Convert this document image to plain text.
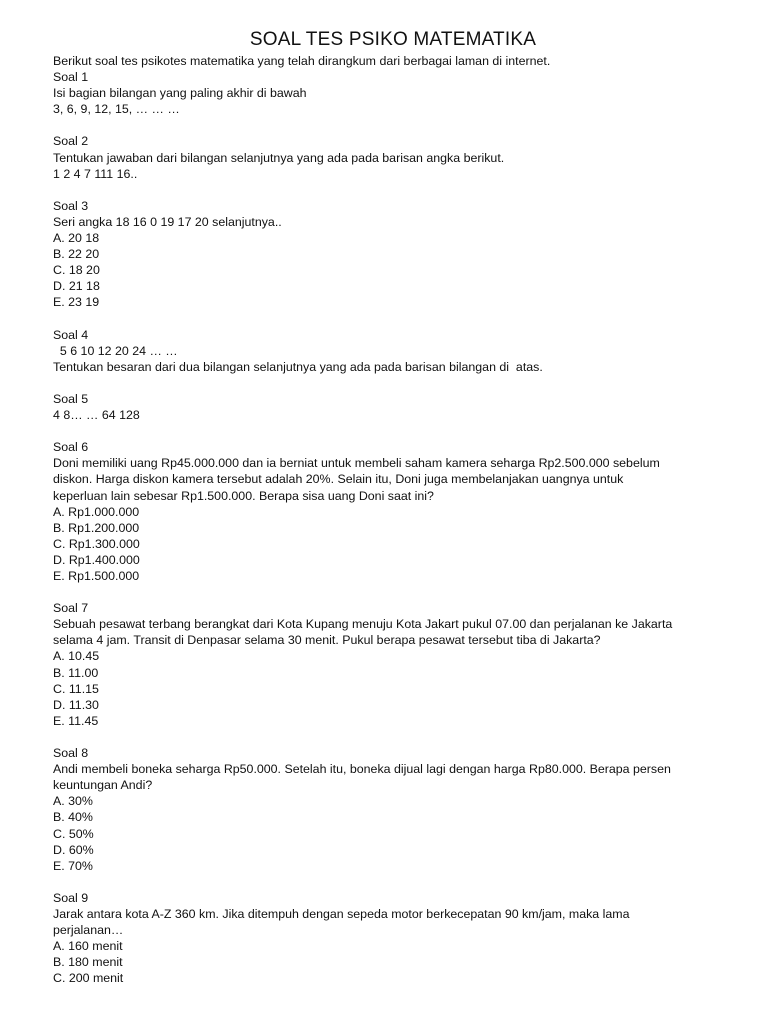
SOAL TES PSIKO MATEMATIKA
Berikut soal tes psikotes matematika yang telah dirangkum dari berbagai laman di internet.
Soal 1
Isi bagian bilangan yang paling akhir di bawah
3, 6, 9, 12, 15, … … …
Soal 2
Tentukan jawaban dari bilangan selanjutnya yang ada pada barisan angka berikut.
1 2 4 7 111 16..
Soal 3
Seri angka 18 16 0 19 17 20 selanjutnya..
A. 20 18
B. 22 20
C. 18 20
D. 21 18
E. 23 19
Soal 4
5 6 10 12 20 24 … …
Tentukan besaran dari dua bilangan selanjutnya yang ada pada barisan bilangan di  atas.
Soal 5
4 8… … 64 128
Soal 6
Doni memiliki uang Rp45.000.000 dan ia berniat untuk membeli saham kamera seharga Rp2.500.000 sebelum
diskon. Harga diskon kamera tersebut adalah 20%. Selain itu, Doni juga membelanjakan uangnya untuk
keperluan lain sebesar Rp1.500.000. Berapa sisa uang Doni saat ini?
A. Rp1.000.000
B. Rp1.200.000
C. Rp1.300.000
D. Rp1.400.000
E. Rp1.500.000
Soal 7
Sebuah pesawat terbang berangkat dari Kota Kupang menuju Kota Jakart pukul 07.00 dan perjalanan ke Jakarta
selama 4 jam. Transit di Denpasar selama 30 menit. Pukul berapa pesawat tersebut tiba di Jakarta?
A. 10.45
B. 11.00
C. 11.15
D. 11.30
E. 11.45
Soal 8
Andi membeli boneka seharga Rp50.000. Setelah itu, boneka dijual lagi dengan harga Rp80.000. Berapa persen
keuntungan Andi?
A. 30%
B. 40%
C. 50%
D. 60%
E. 70%
Soal 9
Jarak antara kota A-Z 360 km. Jika ditempuh dengan sepeda motor berkecepatan 90 km/jam, maka lama
perjalanan…
A. 160 menit
B. 180 menit
C. 200 menit
